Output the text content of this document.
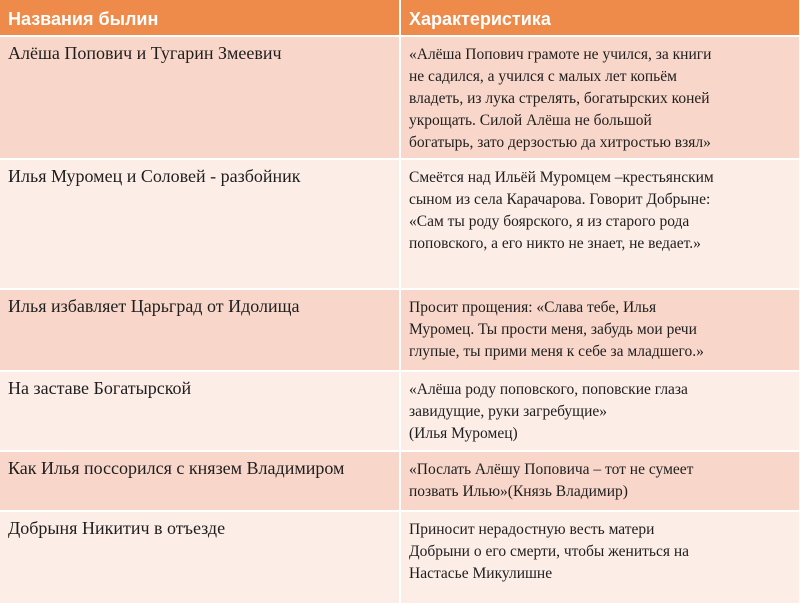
Названия былин	Характеристика
Алёша Попович и Тугарин Змеевич	«Алёша Попович грамоте не учился, за книги
не садился, а учился с малых лет копьём
владеть, из лука стрелять, богатырских коней
укрощать. Силой Алёша не большой
богатырь, зато дерзостью да хитростью взял»

Илья Муромец и Соловей - разбойник	Смеётся над Ильёй Муромцем –крестьянским
сыном из села Карачарова. Говорит Добрыне:
«Сам ты роду боярского, я из старого рода
поповского, а его никто не знает, не ведает.»

Илья избавляет Царьград от Идолища	Просит прощения: «Слава тебе, Илья
Муромец. Ты прости меня, забудь мои речи
глупые, ты прими меня к себе за младшего.»

На заставе Богатырской	«Алёша роду поповского, поповские глаза
завидущие, руки загребущие»
(Илья Муромец)

Как Илья поссорился с князем Владимиром	«Послать Алёшу Поповича – тот не сумеет
позвать Илью»(Князь Владимир)

Добрыня Никитич в отъезде	Приносит нерадостную весть матери
Добрыни о его смерти, чтобы жениться на
Настасье Микулишне
